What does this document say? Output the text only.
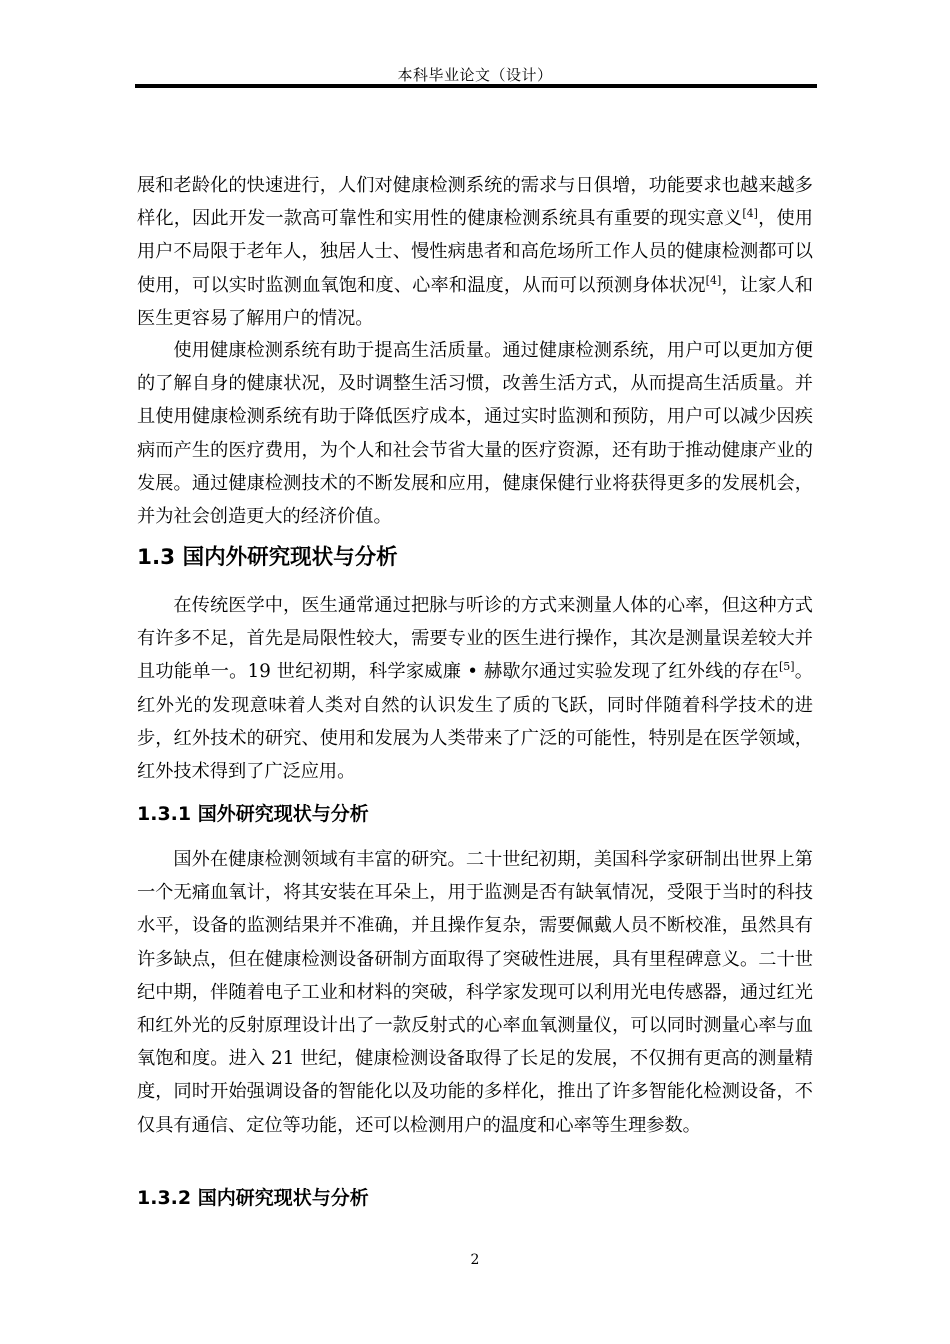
本科毕业论文（设计）

展和老龄化的快速进行，人们对健康检测系统的需求与日俱增，功能要求也越来越多样化，因此开发一款高可靠性和实用性的健康检测系统具有重要的现实意义[4]，使用用户不局限于老年人，独居人士、慢性病患者和高危场所工作人员的健康检测都可以使用，可以实时监测血氧饱和度、心率和温度，从而可以预测身体状况[4]，让家人和医生更容易了解用户的情况。

使用健康检测系统有助于提高生活质量。通过健康检测系统，用户可以更加方便的了解自身的健康状况，及时调整生活习惯，改善生活方式，从而提高生活质量。并且使用健康检测系统有助于降低医疗成本，通过实时监测和预防，用户可以减少因疾病而产生的医疗费用，为个人和社会节省大量的医疗资源，还有助于推动健康产业的发展。通过健康检测技术的不断发展和应用，健康保健行业将获得更多的发展机会，并为社会创造更大的经济价值。

1.3 国内外研究现状与分析

在传统医学中，医生通常通过把脉与听诊的方式来测量人体的心率，但这种方式有许多不足，首先是局限性较大，需要专业的医生进行操作，其次是测量误差较大并且功能单一。19 世纪初期，科学家威廉 • 赫歇尔通过实验发现了红外线的存在[5]。红外光的发现意味着人类对自然的认识发生了质的飞跃，同时伴随着科学技术的进步，红外技术的研究、使用和发展为人类带来了广泛的可能性，特别是在医学领域，红外技术得到了广泛应用。

1.3.1 国外研究现状与分析

国外在健康检测领域有丰富的研究。二十世纪初期，美国科学家研制出世界上第一个无痛血氧计，将其安装在耳朵上，用于监测是否有缺氧情况，受限于当时的科技水平，设备的监测结果并不准确，并且操作复杂，需要佩戴人员不断校准，虽然具有许多缺点，但在健康检测设备研制方面取得了突破性进展，具有里程碑意义。二十世纪中期，伴随着电子工业和材料的突破，科学家发现可以利用光电传感器，通过红光和红外光的反射原理设计出了一款反射式的心率血氧测量仪，可以同时测量心率与血氧饱和度。进入 21 世纪，健康检测设备取得了长足的发展，不仅拥有更高的测量精度，同时开始强调设备的智能化以及功能的多样化，推出了许多智能化检测设备，不仅具有通信、定位等功能，还可以检测用户的温度和心率等生理参数。

1.3.2 国内研究现状与分析
2
